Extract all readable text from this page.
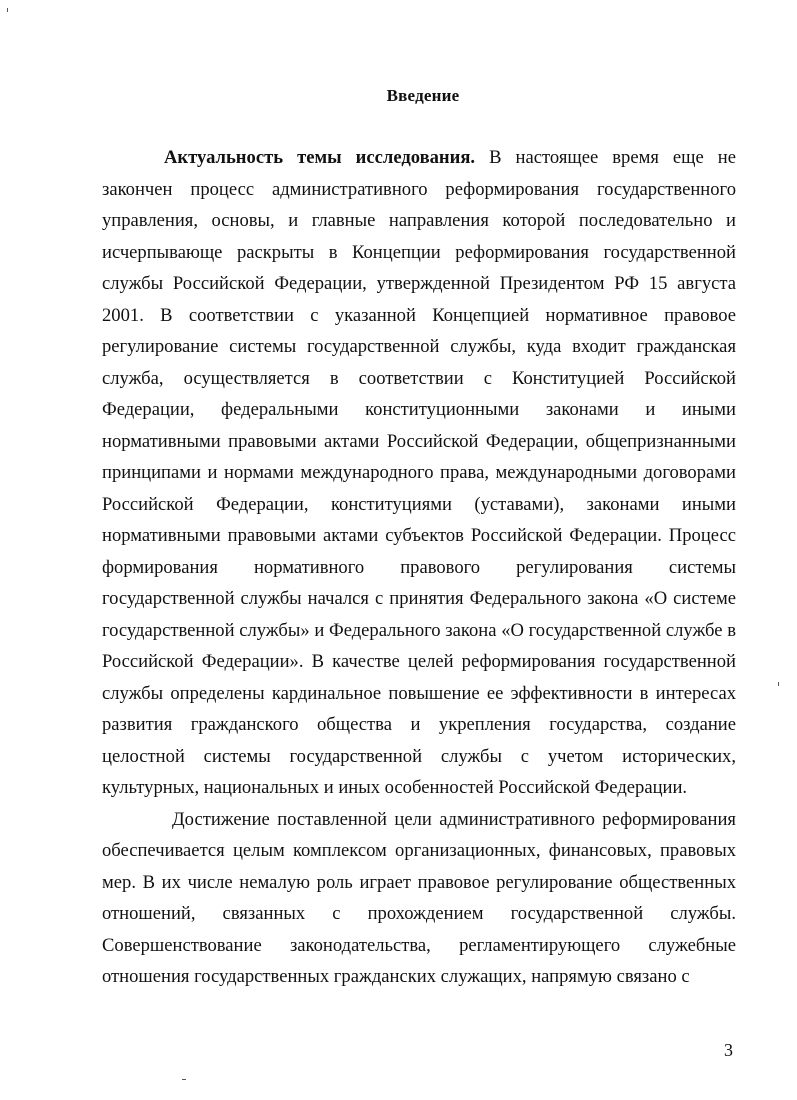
Введение

Актуальность темы исследования. В настоящее время еще не закончен процесс административного реформирования государственного управления, основы, и главные направления которой последовательно и исчерпывающе раскрыты в Концепции реформирования государственной службы Российской Федерации, утвержденной Президентом РФ 15 августа 2001. В соответствии с указанной Концепцией нормативное правовое регулирование системы государственной службы, куда входит гражданская служба, осуществляется в соответствии с Конституцией Российской Федерации, федеральными конституционными законами и иными нормативными правовыми актами Российской Федерации, общепризнанными принципами и нормами международного права, международными договорами Российской Федерации, конституциями (уставами), законами иными нормативными правовыми актами субъектов Российской Федерации. Процесс формирования нормативного правового регулирования системы государственной службы начался с принятия Федерального закона «О системе государственной службы» и Федерального закона «О государственной службе в Российской Федерации». В качестве целей реформирования государственной службы определены кардинальное повышение ее эффективности в интересах развития гражданского общества и укрепления государства, создание целостной системы государственной службы с учетом исторических, культурных, национальных и иных особенностей Российской Федерации.

Достижение поставленной цели административного реформирования обеспечивается целым комплексом организационных, финансовых, правовых мер. В их числе немалую роль играет правовое регулирование общественных отношений, связанных с прохождением государственной службы. Совершенствование законодательства, регламентирующего служебные отношения государственных гражданских служащих, напрямую связано с

3
